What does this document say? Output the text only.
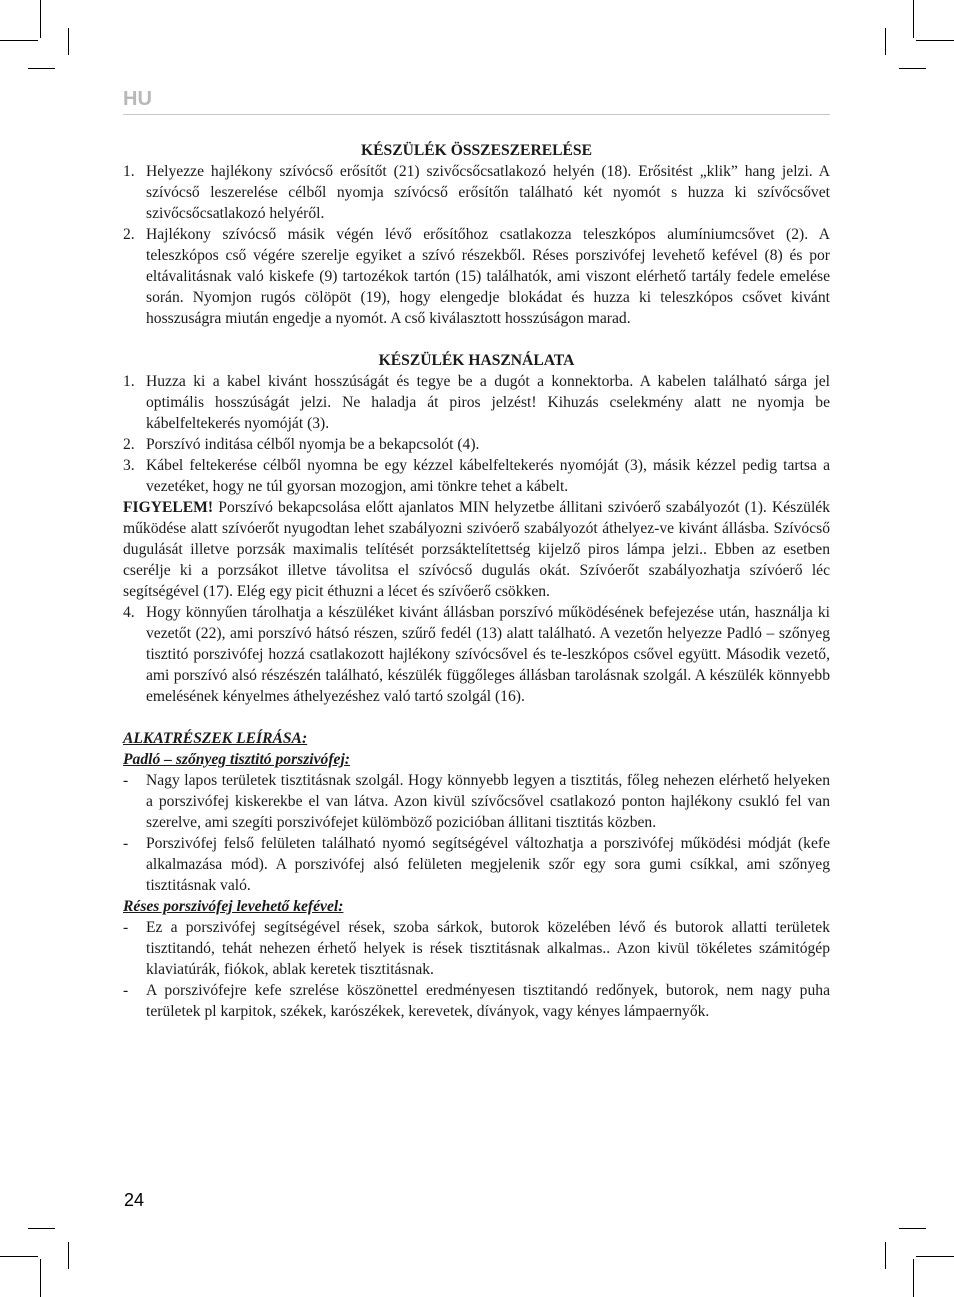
HU

KÉSZÜLÉK ÖSSZESZERELÉSE

1. Helyezze hajlékony szívócső erősítőt (21) szivőcsőcsatlakozó helyén (18). Erősitést „klik” hang jelzi. A szívócső leszerelése célből nyomja szívócső erősítőn található két nyomót s huzza ki szívőcsővet szivőcsőcsatlakozó helyéről.
2. Hajlékony szívócső másik végén lévő erősítőhoz csatlakozza teleszkópos alumíniumcsővet (2). A teleszkópos cső végére szerelje egyiket a szívó részekből. Réses porszivófej levehető kefével (8) és por eltávalitásnak való kiskefe (9) tartozékok tartón (15) találhatók, ami viszont elérhető tartály fedele emelése során. Nyomjon rugós cölöpöt (19), hogy elengedje blokádat és huzza ki teleszkópos csővet kivánt hosszuságra miután engedje a nyomót. A cső kiválasztott hosszúságon marad.

KÉSZÜLÉK HASZNÁLATA

1. Huzza ki a kabel kivánt hosszúságát és tegye be a dugót a konnektorba. A kabelen található sárga jel optimális hosszúságát jelzi. Ne haladja át piros jelzést! Kihuzás cselekmény alatt ne nyomja be kábelfeltekerés nyomóját (3).
2. Porszívó inditása célből nyomja be a bekapcsolót (4).
3. Kábel feltekerése célből nyomna be egy kézzel kábelfeltekerés nyomóját (3), másik kézzel pedig tartsa a vezetéket, hogy ne túl gyorsan mozogjon, ami tönkre tehet a kábelt.

FIGYELEM! Porszívó bekapcsolása előtt ajanlatos MIN helyzetbe állitani szivóerő szabályozót (1). Készülék működése alatt szívóerőt nyugodtan lehet szabályozni szivóerő szabályozót áthelyez-ve kivánt állásba. Szívócső dugulását illetve porzsák maximalis telítését porzsáktelítettség kijelző piros lámpa jelzi.. Ebben az esetben cserélje ki a porzsákot illetve távolitsa el szívócső dugulás okát. Szívóerőt szabályozhatja szívóerő léc segítségével (17). Elég egy picit éthuzni a lécet és szívőerő csökken.

4. Hogy könnyűen tárolhatja a készüléket kivánt állásban porszívó működésének befejezése után, használja ki vezetőt (22), ami porszívó hátsó részen, szűrő fedél (13) alatt található. A vezetőn helyezze Padló – szőnyeg tisztitó porszivófej hozzá csatlakozott hajlékony szívócsővel és te-leszkópos csővel együtt. Második vezető, ami porszívó alsó részészén található, készülék függőleges állásban tarolásnak szolgál. A készülék könnyebb emelésének kényelmes áthelyezéshez való tartó szolgál (16).

ALKATRÉSZEK LEÍRÁSA:

Padló – szőnyeg tisztitó porszivófej:

- Nagy lapos területek tisztitásnak szolgál. Hogy könnyebb legyen a tisztitás, főleg nehezen elérhető helyeken a porszivófej kiskerekbe el van látva. Azon kivül szívőcsővel csatlakozó ponton hajlékony csukló fel van szerelve, ami szegíti porszivófejet külömböző pozicióban állitani tisztitás közben.
- Porszivófej felső felületen található nyomó segítségével változhatja a porszivófej működési módját (kefe alkalmazása mód). A porszivófej alsó felületen megjelenik szőr egy sora gumi csíkkal, ami szőnyeg tisztitásnak való.

Réses porszivófej levehető kefével:

- Ez a porszivófej segítségével rések, szoba sárkok, butorok közelében lévő és butorok allatti területek tisztitandó, tehát nehezen érhető helyek is rések tisztitásnak alkalmas.. Azon kivül tökéletes számitógép klaviatúrák, fiókok, ablak keretek tisztitásnak.
- A porszivófejre kefe szrelése köszönettel eredményesen tisztitandó redőnyek, butorok, nem nagy puha területek pl karpitok, székek, karószékek, kerevetek, díványok, vagy kényes lámpaernyők.
24
